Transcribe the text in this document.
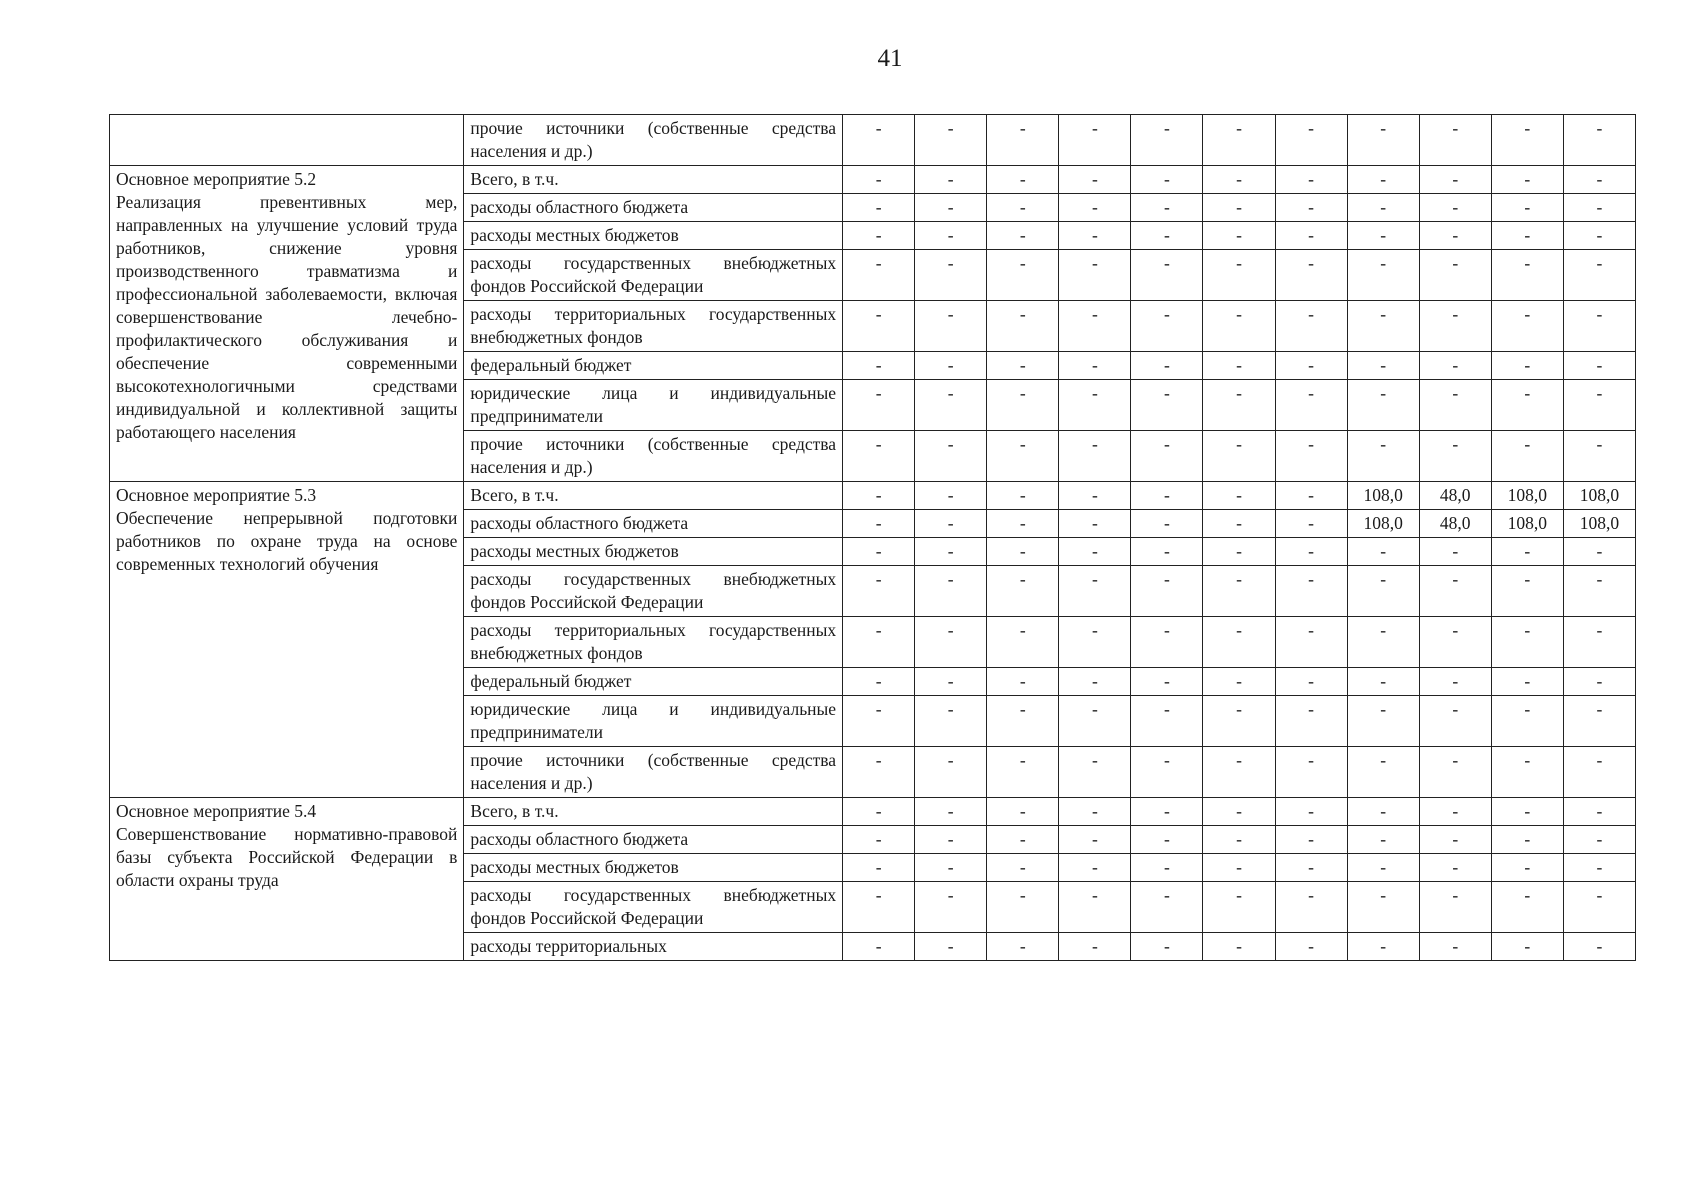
41
	прочие источники (собственные средства населения и др.)	-	-	-	-	-	-	-	-	-	-	-

Основное мероприятие 5.2
Реализация превентивных мер, направленных на улучшение условий труда работников, снижение уровня производственного травматизма и профессиональной заболеваемости, включая совершенствование лечебно-профилактического обслуживания и обеспечение современными высокотехнологичными средствами индивидуальной и коллективной защиты работающего населения	Всего, в т.ч.	-	-	-	-	-	-	-	-	-	-	-
	расходы областного бюджета	-	-	-	-	-	-	-	-	-	-	-
	расходы местных бюджетов	-	-	-	-	-	-	-	-	-	-	-
	расходы государственных внебюджетных фондов Российской Федерации	-	-	-	-	-	-	-	-	-	-	-
	расходы территориальных государственных внебюджетных фондов	-	-	-	-	-	-	-	-	-	-	-
	федеральный бюджет	-	-	-	-	-	-	-	-	-	-	-
	юридические лица и индивидуальные предприниматели	-	-	-	-	-	-	-	-	-	-	-
	прочие источники (собственные средства населения и др.)	-	-	-	-	-	-	-	-	-	-	-

Основное мероприятие 5.3
Обеспечение непрерывной подготовки работников по охране труда на основе современных технологий обучения	Всего, в т.ч.	-	-	-	-	-	-	-	108,0	48,0	108,0	108,0
	расходы областного бюджета	-	-	-	-	-	-	-	108,0	48,0	108,0	108,0
	расходы местных бюджетов	-	-	-	-	-	-	-	-	-	-	-
	расходы государственных внебюджетных фондов Российской Федерации	-	-	-	-	-	-	-	-	-	-	-
	расходы территориальных государственных внебюджетных фондов	-	-	-	-	-	-	-	-	-	-	-
	федеральный бюджет	-	-	-	-	-	-	-	-	-	-	-
	юридические лица и индивидуальные предприниматели	-	-	-	-	-	-	-	-	-	-	-
	прочие источники (собственные средства населения и др.)	-	-	-	-	-	-	-	-	-	-	-

Основное мероприятие 5.4
Совершенствование нормативно-правовой базы субъекта Российской Федерации в области охраны труда	Всего, в т.ч.	-	-	-	-	-	-	-	-	-	-	-
	расходы областного бюджета	-	-	-	-	-	-	-	-	-	-	-
	расходы местных бюджетов	-	-	-	-	-	-	-	-	-	-	-
	расходы государственных внебюджетных фондов Российской Федерации	-	-	-	-	-	-	-	-	-	-	-
	расходы территориальных	-	-	-	-	-	-	-	-	-	-	-
